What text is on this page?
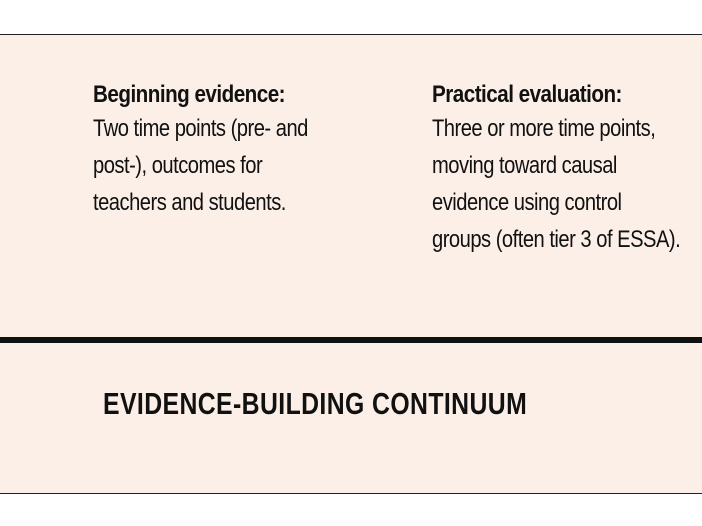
Beginning evidence:
Two time points (pre- and
post-), outcomes for
teachers and students.
Practical evaluation:
Three or more time points,
moving toward causal
evidence using control
groups (often tier 3 of ESSA).
EVIDENCE-BUILDING CONTINUUM
